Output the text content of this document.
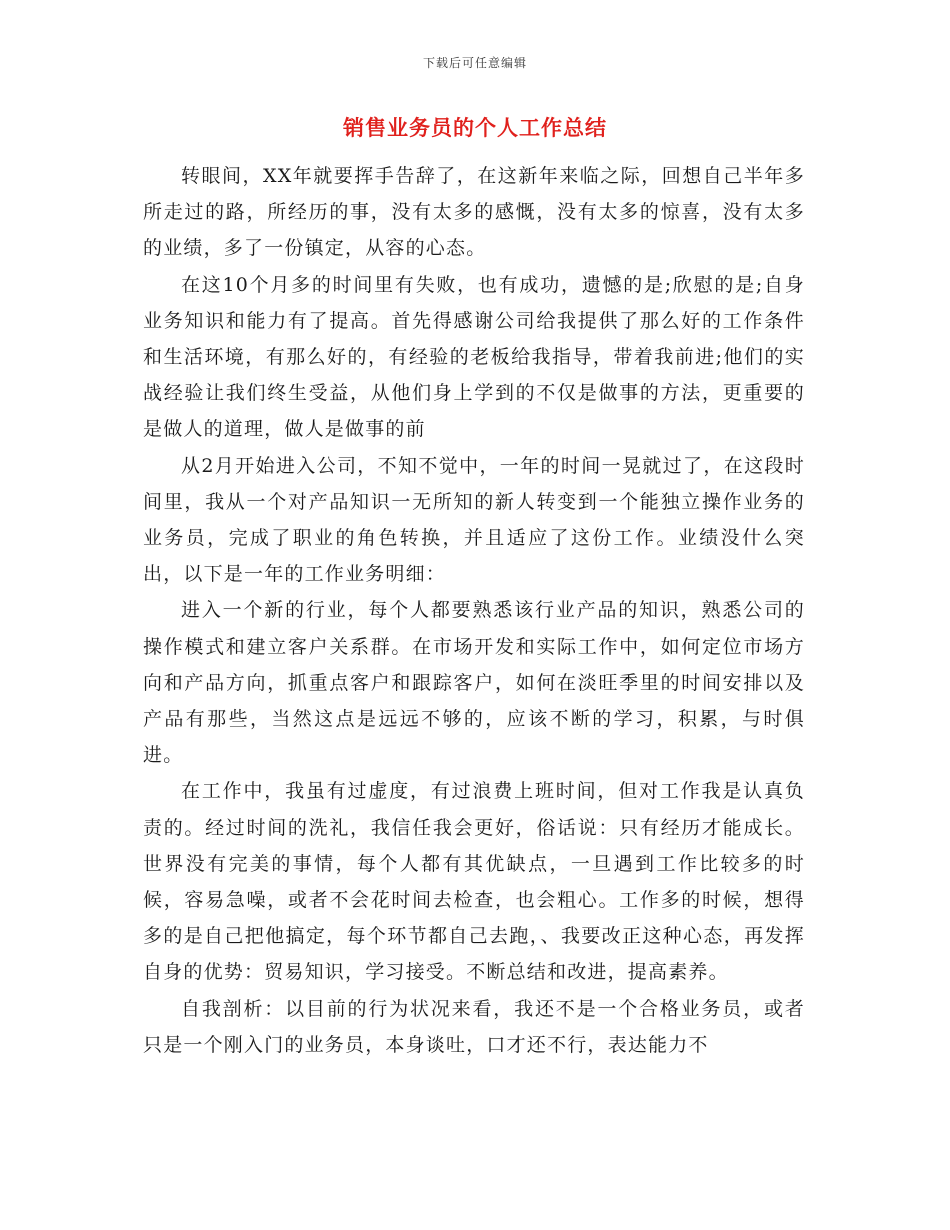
下载后可任意编辑
销售业务员的个人工作总结

转眼间，XX年就要挥手告辞了，在这新年来临之际，回想自己半年多所走过的路，所经历的事，没有太多的感慨，没有太多的惊喜，没有太多的业绩，多了一份镇定，从容的心态。

在这10个月多的时间里有失败，也有成功，遗憾的是;欣慰的是;自身业务知识和能力有了提高。首先得感谢公司给我提供了那么好的工作条件和生活环境，有那么好的，有经验的老板给我指导，带着我前进;他们的实战经验让我们终生受益，从他们身上学到的不仅是做事的方法，更重要的是做人的道理，做人是做事的前

从2月开始进入公司，不知不觉中，一年的时间一晃就过了，在这段时间里，我从一个对产品知识一无所知的新人转变到一个能独立操作业务的业务员，完成了职业的角色转换，并且适应了这份工作。业绩没什么突出，以下是一年的工作业务明细：

进入一个新的行业，每个人都要熟悉该行业产品的知识，熟悉公司的操作模式和建立客户关系群。在市场开发和实际工作中，如何定位市场方向和产品方向，抓重点客户和跟踪客户，如何在淡旺季里的时间安排以及产品有那些，当然这点是远远不够的，应该不断的学习，积累，与时俱进。

在工作中，我虽有过虚度，有过浪费上班时间，但对工作我是认真负责的。经过时间的洗礼，我信任我会更好，俗话说：只有经历才能成长。世界没有完美的事情，每个人都有其优缺点，一旦遇到工作比较多的时候，容易急噪，或者不会花时间去检查，也会粗心。工作多的时候，想得多的是自己把他搞定，每个环节都自己去跑，、我要改正这种心态，再发挥自身的优势：贸易知识，学习接受。不断总结和改进，提高素养。

自我剖析：以目前的行为状况来看，我还不是一个合格业务员，或者只是一个刚入门的业务员，本身谈吐，口才还不行，表达能力不
